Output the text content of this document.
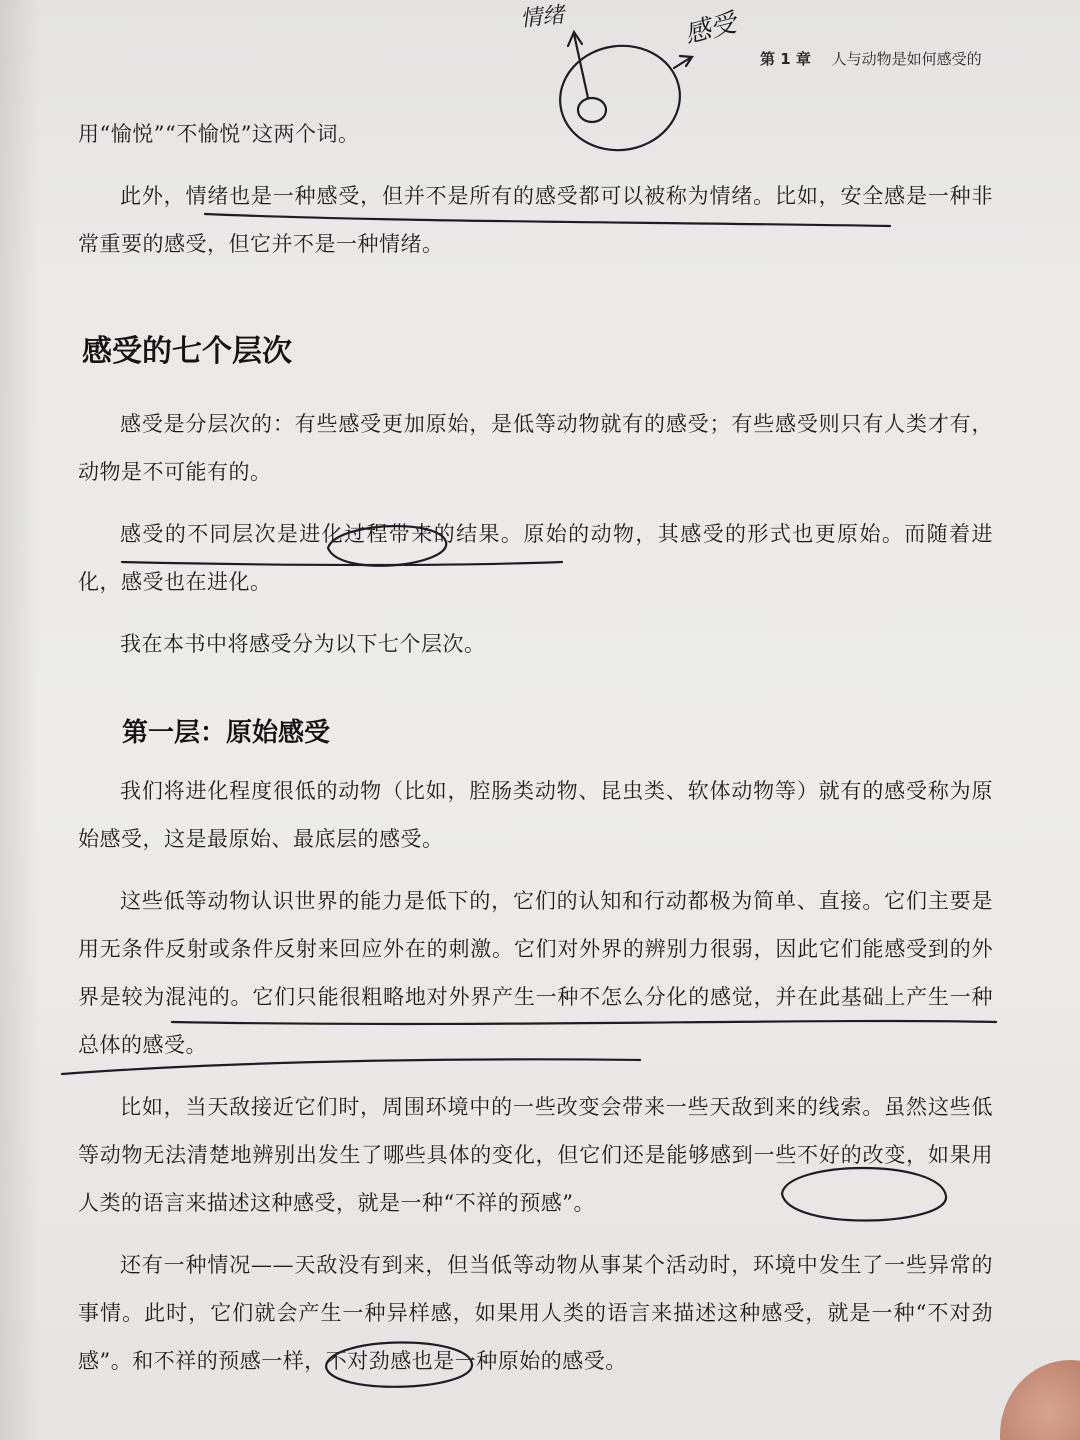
第 1 章 人与动物是如何感受的
情绪	感受

用“愉悦”“不愉悦”这两个词。

此外，情绪也是一种感受，但并不是所有的感受都可以被称为情绪。比如，安全感是一种非常重要的感受，但它并不是一种情绪。

感受的七个层次

感受是分层次的：有些感受更加原始，是低等动物就有的感受；有些感受则只有人类才有，动物是不可能有的。

感受的不同层次是进化过程带来的结果。原始的动物，其感受的形式也更原始。而随着进化，感受也在进化。

我在本书中将感受分为以下七个层次。

第一层：原始感受

我们将进化程度很低的动物（比如，腔肠类动物、昆虫类、软体动物等）就有的感受称为原始感受，这是最原始、最底层的感受。

这些低等动物认识世界的能力是低下的，它们的认知和行动都极为简单、直接。它们主要是用无条件反射或条件反射来回应外在的刺激。它们对外界的辨别力很弱，因此它们能感受到的外界是较为混沌的。它们只能很粗略地对外界产生一种不怎么分化的感觉，并在此基础上产生一种总体的感受。

比如，当天敌接近它们时，周围环境中的一些改变会带来一些天敌到来的线索。虽然这些低等动物无法清楚地辨别出发生了哪些具体的变化，但它们还是能够感到一些不好的改变，如果用人类的语言来描述这种感受，就是一种“不祥的预感”。

还有一种情况——天敌没有到来，但当低等动物从事某个活动时，环境中发生了一些异常的事情。此时，它们就会产生一种异样感，如果用人类的语言来描述这种感受，就是一种“不对劲感”。和不祥的预感一样，不对劲感也是一种原始的感受。
